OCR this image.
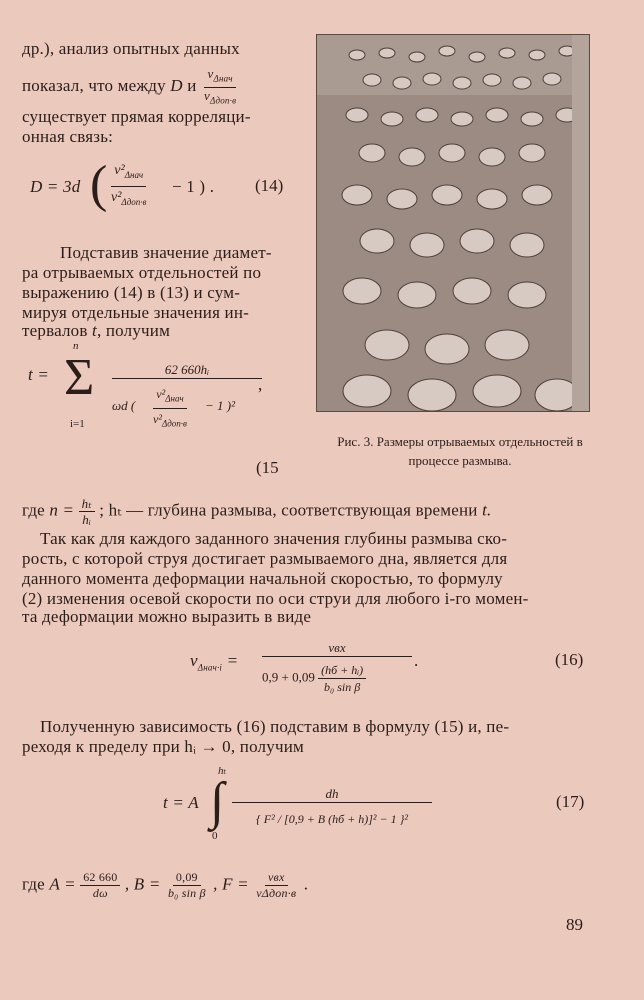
др.), анализ опытных данных
показал, что между D и $\frac{v_{\Delta нач}}{v_{\Delta доп\cdot в}}$
существует прямая корреляци-
онная связь:
D = 3d ( $v^2_{\Delta нач}$
$v^2_{\Delta доп\cdot в}$
− 1 ) . (14)
Подставив значение диамет-
ра отрываемых отдельностей по
выражению (14) в (13) и сум-
мируя отдельные значения ин-
тервалов t, получим
t =
n
Σ
i=1
62 660hᵢ
ωd (
$v^2_{\Delta нач}$
$v^2_{\Delta доп\cdot в}$
− 1 )²
,
(15
Рис. 3. Размеры отрываемых отдельностей в процессе размыва.
где $n = \frac{\text{hₜ}}{\text{hᵢ}}$ ; hₜ — глубина размыва, соответствующая времени t.
Так как для каждого заданного значения глубины размыва ско-
рость, с которой струя достигает размываемого дна, является для
данного момента деформации начальной скоростью, то формулу
(2) изменения осевой скорости по оси струи для любого i-го момен-
та деформации можно выразить в виде
$v_{\Delta нач\cdot i}$ =
vвх
$0,9 + 0,09 \frac{\text{(hб + hᵢ)}}{\text{b₀ sin β}}$
.	(16)
Полученную зависимость (16) подставим в формулу (15) и, пе-
реходя к пределу при hᵢ → 0, получим
t = A
hₜ
∫
0
dh
{ F² / [0,9 + B (hб + h)]² − 1 }²
(17)
где $A = \frac{62 660}{d\omega}$ , $B = \frac{0,09}{\text{b₀ sin β}}$ , $F = \frac{\text{vвх}}{\text{vΔдоп·в}}$ .
89
